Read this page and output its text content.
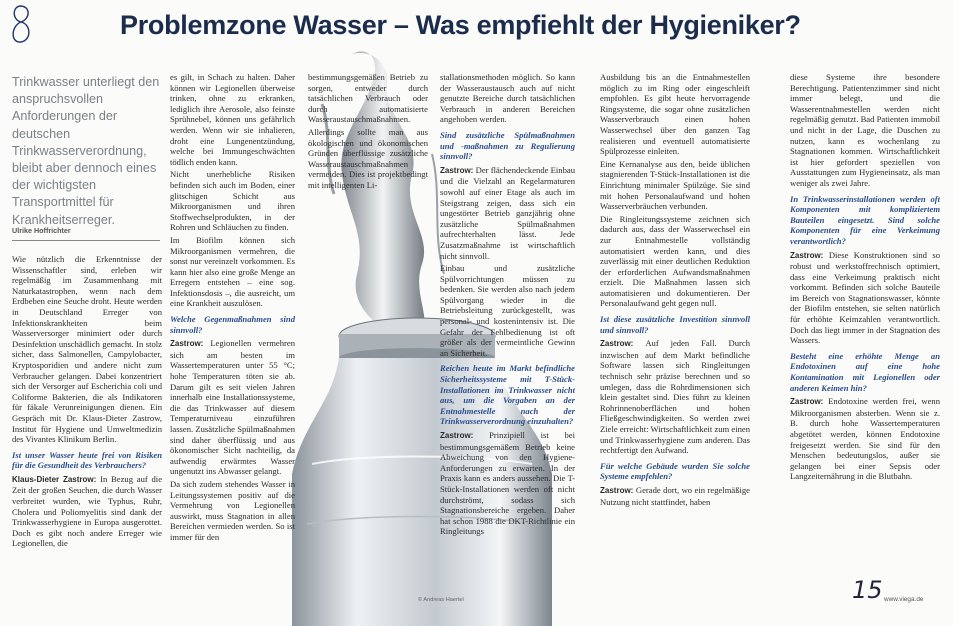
Problemzone Wasser – Was empfiehlt der Hygieniker?
Trinkwasser unterliegt den anspruchsvollen Anforderungen der deutschen Trinkwasserverordnung, bleibt aber dennoch eines der wichtigsten Transportmittel für Krankheitserreger.
Ulrike Hoffrichter

Wie nützlich die Erkenntnisse der Wissenschaftler sind, erleben wir regelmäßig im Zusammenhang mit Naturkatastrophen, wenn nach dem Erdbeben eine Seuche droht. Heute werden in Deutschland Erreger von Infektionskrankheiten beim Wasserversorger minimiert oder durch Desinfektion unschädlich gemacht. In stolz sicher, dass Salmonellen, Campylobacter, Kryptosporidien und andere nicht zum Verbraucher gelangen. Dabei konzentriert sich der Versorger auf Escherichia coli und Coliforme Bakterien, die als Indikatoren für fäkale Verunreinigungen dienen. Ein Gespräch mit Dr. Klaus-Dieter Zastrow, Institut für Hygiene und Umweltmedizin des Vivantes Klinikum Berlin.

Ist unser Wasser heute frei von Risiken für die Gesundheit des Verbrauchers?

Klaus-Dieter Zastrow: In Bezug auf die Zeit der großen Seuchen, die durch Wasser verbreitet wurden, wie Typhus, Ruhr, Cholera und Poliomyelitis sind dank der Trinkwasserhygiene in Europa ausgerottet. Doch es gibt noch andere Erreger wie Legionellen, die

es gilt, in Schach zu halten. Daher können wir Legionellen überweise trinken, ohne zu erkranken, lediglich ihre Aerosole, also feinste Sprühnebel, können uns gefährlich werden. Wenn wir sie inhalieren, droht eine Lungenentzündung, welche bei Immungeschwächten tödlich enden kann.

Nicht unerhebliche Risiken befinden sich auch im Boden, einer glitschigen Schicht aus Mikroorganismen und ihren Stoffwechselprodukten, in der Rohren und Schläuchen zu finden.

Im Biofilm können sich Mikroorganismen vermehren, die sonst nur vereinzelt vorkommen. Es kann hier also eine große Menge an Erregern entstehen – eine sog. Infektionsdosis –, die ausreicht, um eine Krankheit auszulösen.

Welche Gegenmaßnahmen sind sinnvoll?

Zastrow: Legionellen vermehren sich am besten im Wassertemperaturen unter 55 °C; hohe Temperaturen töten sie ab. Darum gilt es seit vielen Jahren innerhalb eine Installationssysteme, die das Trinkwasser auf diesem Temperaturniveau einzuführen lassen. Zusätzliche Spülmaßnahmen sind daher überflüssig und aus ökonomischer Sicht nachteilig, da aufwendig erwärmtes Wasser ungenutzt ins Abwasser gelangt.

Da sich zudem stehendes Wasser in Leitungssystemen positiv auf die Vermehrung von Legionellen auswirkt, muss Stagnation in allen Bereichen vermieden werden. So ist immer für den

bestimmungsgemäßen Betrieb zu sorgen, entweder durch tatsächlichen Verbrauch oder durch automatisierte Wasseraustauschmaßnahmen.

Allerdings sollte man aus ökologischen und ökonomischen Gründen überflüssige zusätzliche Wasseraustauschmaßnahmen vermeiden. Dies ist projektbedingt mit intelligenten Li-

stallationsmethoden möglich. So kann der Wasseraustausch auch auf nicht genutzte Bereiche durch tatsächlichen Verbrauch in anderen Bereichen angehoben werden.

Sind zusätzliche Spülmaßnahmen und -maßnahmen zu Regulierung sinnvoll?

Zastrow: Der flächendeckende Einbau und die Vielzahl an Regelarmaturen sowohl auf einer Etage als auch im Steigstrang zeigen, dass sich ein ungestörter Betrieb ganzjährig ohne zusätzliche Spülmaßnahmen aufrechterhalten lässt. Jede Zusatzmaßnahme ist wirtschaftlich nicht sinnvoll.

Einbau und zusätzliche Spülvorrichtungen müssen zu bedenken. Sie werden also nach jedem Spülvorgang wieder in die Betriebsleitung zurückgestellt, was personal- und kostenintensiv ist. Die Gefahr der Fehlbedienung ist oft größer als der vermeintliche Gewinn an Sicherheit.

Reichen heute im Markt befindliche Sicherheitssysteme mit T-Stück-Installationen im Trinkwasser nicht aus, um die Vorgaben an der Entnahmestelle nach der Trinkwasserverordnung einzuhalten?

Zastrow: Prinzipiell ist bei bestimmungsgemäßem Betrieb keine Abweichung von den Hygiene-Anforderungen zu erwarten. In der Praxis kann es anders aussehen. Die T-Stück-Installationen werden oft nicht durchströmt, sodass sich Stagnationsbereiche ergeben. Daher hat schon 1988 die DKT-Richtlinie ein Ringleitungs

Ausbildung bis an die Entnahmestellen möglich zu im Ring oder eingeschleift empfohlen. Es gibt heute hervorragende Ringsysteme, die sogar ohne zusätzlichen Wasserverbrauch einen hohen Wasserwechsel über den ganzen Tag realisieren und eventuell automatisierte Spülprozesse einleiten.

Eine Kernanalyse aus den, beide üblichen stagnierenden T-Stück-Installationen ist die Einrichtung minimaler Spülzüge. Sie sind mit hohen Personalaufwand und hohen Wasserverbräuchen verbunden.

Die Ringleitungssysteme zeichnen sich dadurch aus, dass der Wasserwechsel ein zur Entnahmestelle vollständig automatisiert werden kann, und dies zuverlässig mit einer deutlichen Reduktion der erforderlichen Aufwandsmaßnahmen erzielt. Die Maßnahmen lassen sich automatisieren und dokumentieren. Der Personalaufwand geht gegen null.

Ist diese zusätzliche Investition sinnvoll und sinnvoll?

Zastrow: Auf jeden Fall. Durch inzwischen auf dem Markt befindliche Software lassen sich Ringleitungen technisch sehr präzise berechnen und so umlegen, dass die Rohrdimensionen sich klein gestaltet sind. Dies führt zu kleinen Rohrinnenoberflächen und hohen Fließgeschwindigkeiten. So werden zwei Ziele erreicht: Wirtschaftlichkeit zum einen und Trinkwasserhygiene zum anderen. Das rechtfertigt den Aufwand.

Für welche Gebäude wurden Sie solche Systeme empfehlen?

Zastrow: Gerade dort, wo ein regelmäßige Nutzung nicht stattfindet, haben

diese Systeme ihre besondere Berechtigung. Patientenzimmer sind nicht immer belegt, und die Wasserentnahmestellen werden nicht regelmäßig genutzt. Bad Patienten immobil und nicht in der Lage, die Duschen zu nutzen, kann es wochenlang zu Stagnationen kommen. Wirtschaftlichkeit ist hier gefordert speziellen von Ausstattungen zum Hygieneinsatz, als man weniger als zwei Jahre.

In Trinkwasserinstallationen werden oft Komponenten mit kompliziertem Bauteilen eingesetzt. Sind solche Komponenten für eine Verkeimung verantwortlich?

Zastrow: Diese Konstruktionen sind so robust und werkstoffrechnisch optimiert, dass eine Verkeimung praktisch nicht vorkommt. Befinden sich solche Bauteile im Bereich von Stagnationswasser, könnte der Biofilm entstehen, sie selten natürlich für erhöhte Keimzahlen verantwortlich. Doch das liegt immer in der Stagnation des Wassers.

Besteht eine erhöhte Menge an Endotoxinen auf eine hohe Kontamination mit Legionellen oder anderen Keimen hin?

Zastrow: Endotoxine werden frei, wenn Mikroorganismen absterben. Wenn sie z. B. durch hohe Wassertemperaturen abgetötet werden, können Endotoxine freigesetzt werden. Sie sind für den Menschen bedeutungslos, außer sie gelangen bei einer Sepsis oder Langzeiternährung in die Blutbahn.

© Andreas Haertel	15 www.viega.de
